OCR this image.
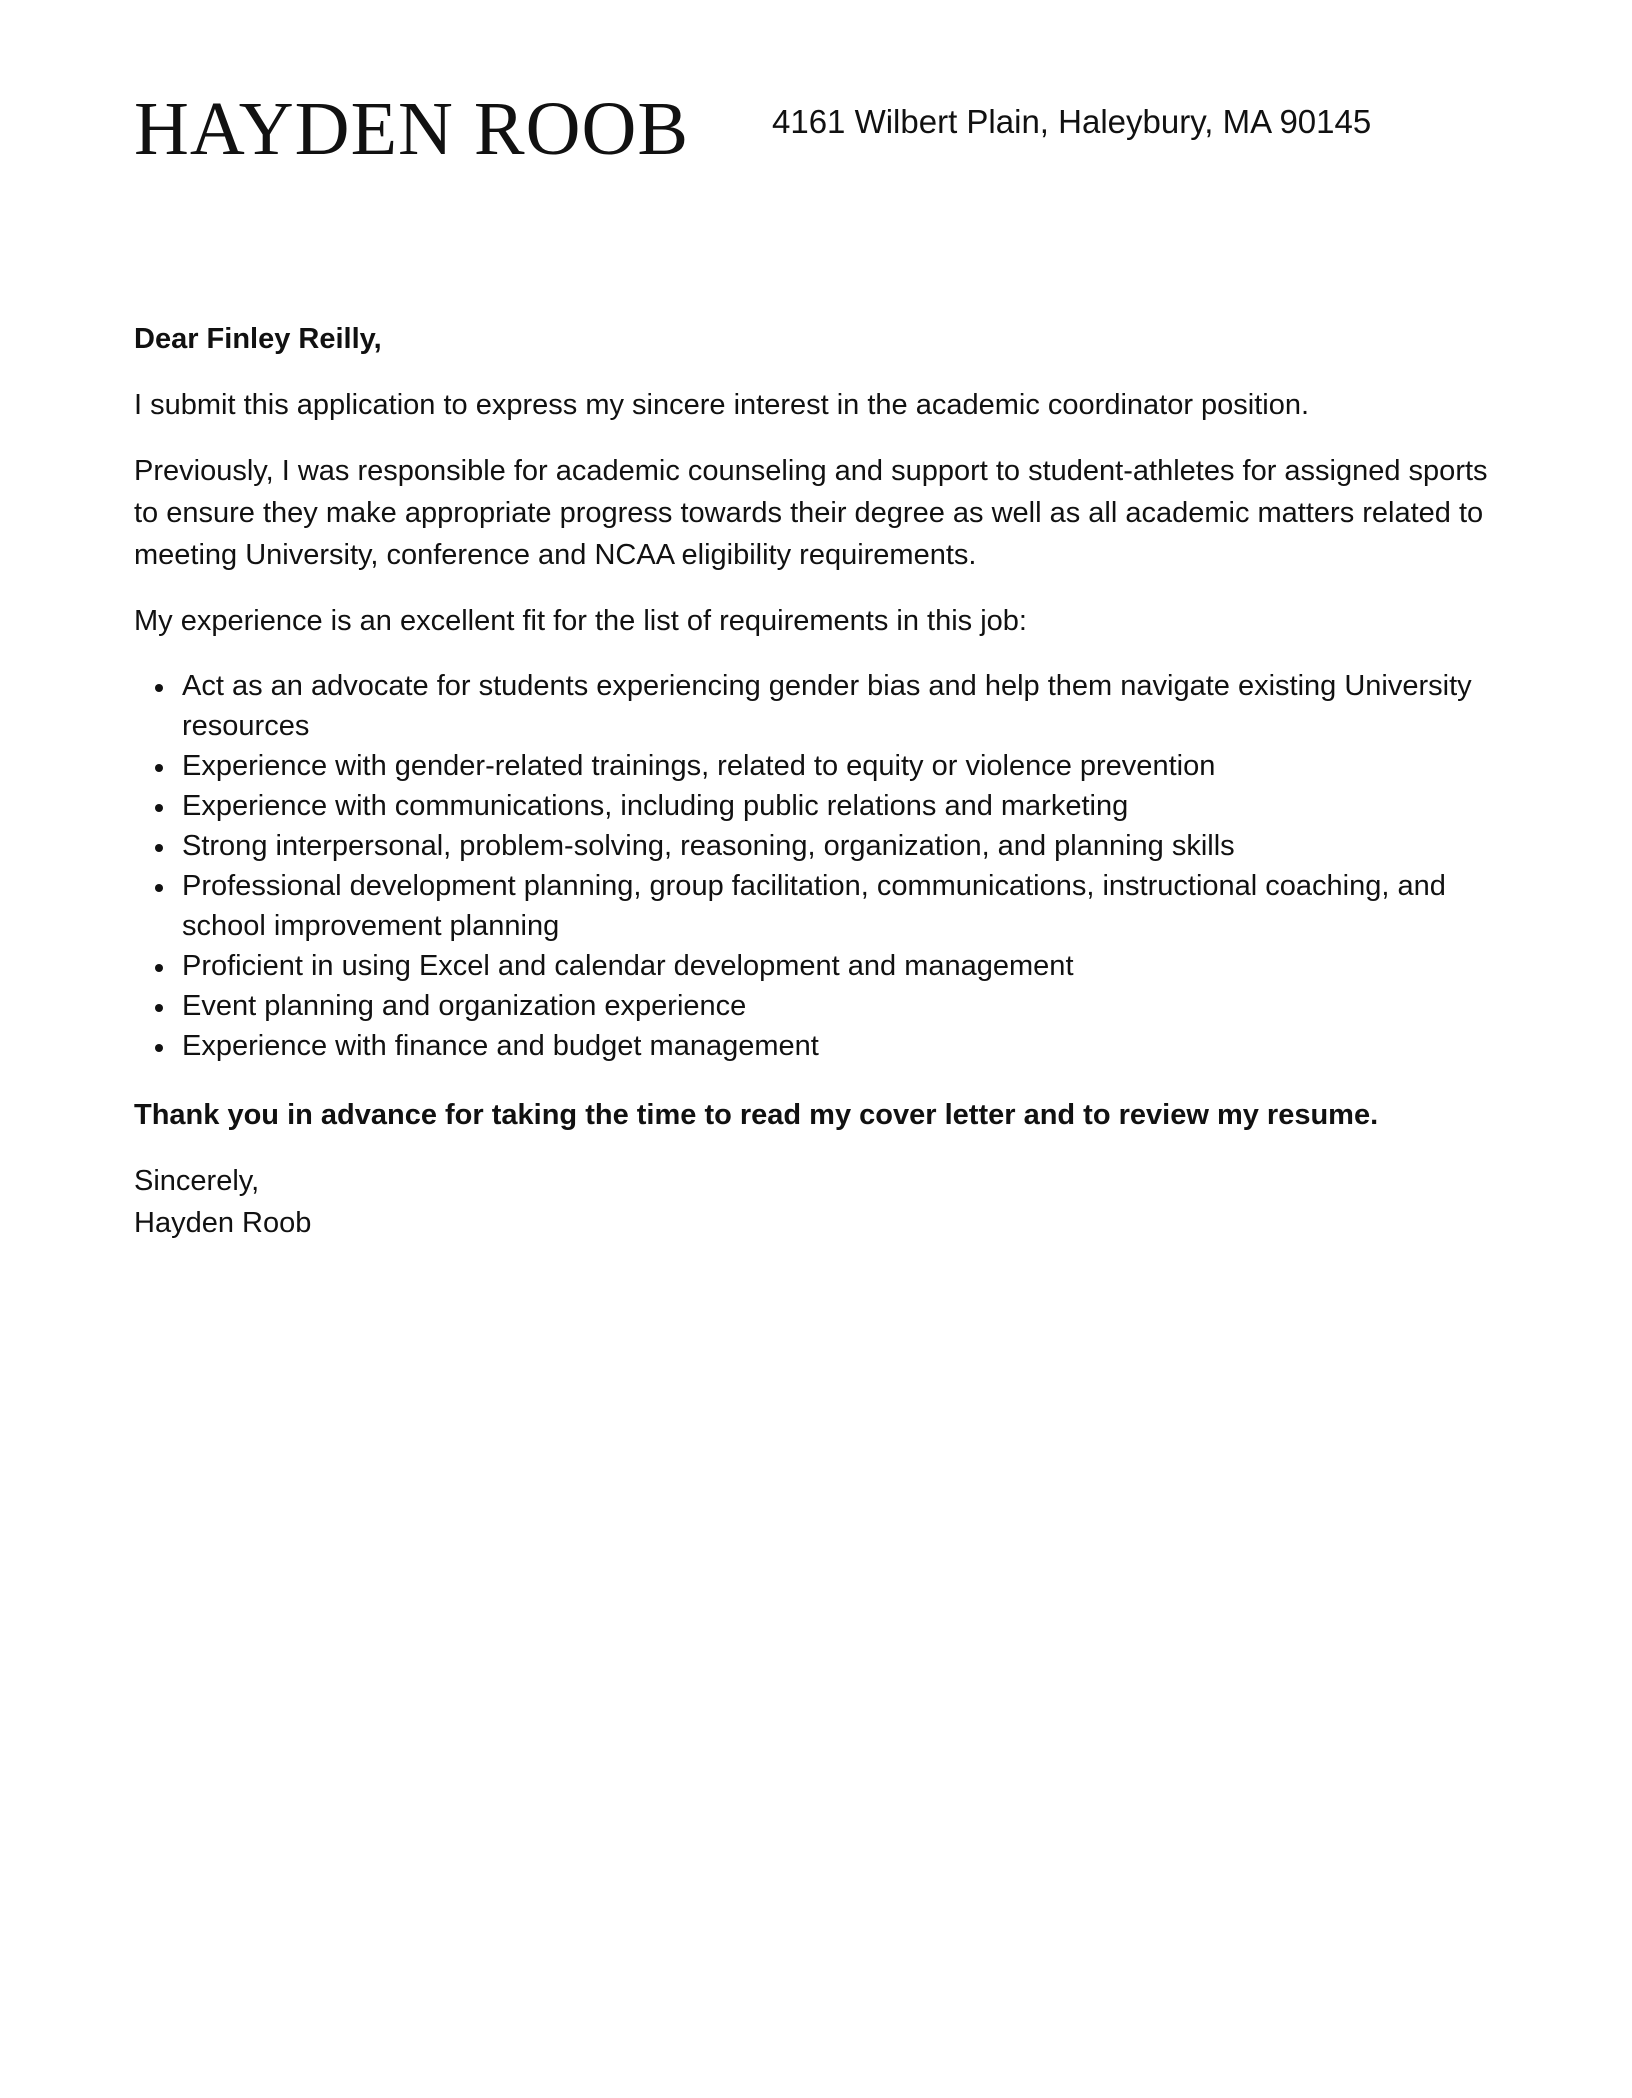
HAYDEN ROOB	4161 Wilbert Plain, Haleybury, MA 90145

Dear Finley Reilly,

I submit this application to express my sincere interest in the academic coordinator position.

Previously, I was responsible for academic counseling and support to student-athletes for assigned sports to ensure they make appropriate progress towards their degree as well as all academic matters related to meeting University, conference and NCAA eligibility requirements.

My experience is an excellent fit for the list of requirements in this job:

Act as an advocate for students experiencing gender bias and help them navigate existing University resources
Experience with gender-related trainings, related to equity or violence prevention
Experience with communications, including public relations and marketing
Strong interpersonal, problem-solving, reasoning, organization, and planning skills
Professional development planning, group facilitation, communications, instructional coaching, and school improvement planning
Proficient in using Excel and calendar development and management
Event planning and organization experience
Experience with finance and budget management

Thank you in advance for taking the time to read my cover letter and to review my resume.

Sincerely,

Hayden Roob
